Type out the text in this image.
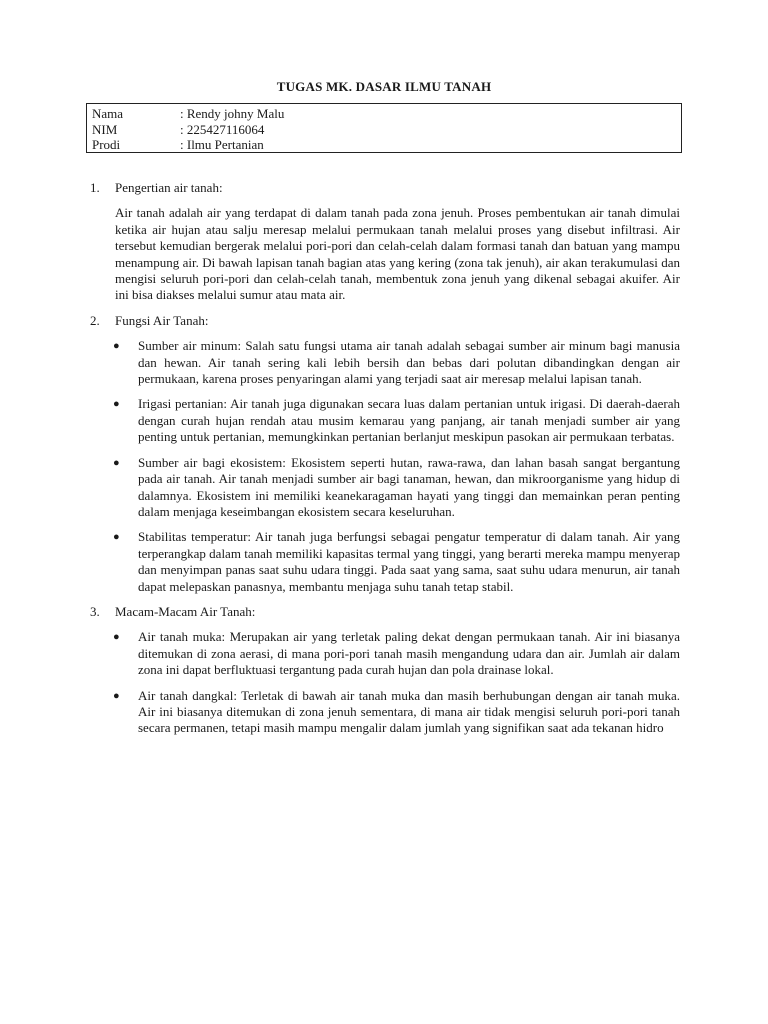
TUGAS MK. DASAR ILMU TANAH
Nama	: Rendy johny Malu
NIM	: 225427116064
Prodi	: Ilmu Pertanian
1.	Pengertian air tanah:
Air tanah adalah air yang terdapat di dalam tanah pada zona jenuh. Proses pembentukan air tanah dimulai ketika air hujan atau salju meresap melalui permukaan tanah melalui proses yang disebut infiltrasi. Air tersebut kemudian bergerak melalui pori-pori dan celah-celah dalam formasi tanah dan batuan yang mampu menampung air. Di bawah lapisan tanah bagian atas yang kering (zona tak jenuh), air akan terakumulasi dan mengisi seluruh pori-pori dan celah-celah tanah, membentuk zona jenuh yang dikenal sebagai akuifer. Air ini bisa diakses melalui sumur atau mata air.
2.	Fungsi Air Tanah:
● Sumber air minum: Salah satu fungsi utama air tanah adalah sebagai sumber air minum bagi manusia dan hewan. Air tanah sering kali lebih bersih dan bebas dari polutan dibandingkan dengan air permukaan, karena proses penyaringan alami yang terjadi saat air meresap melalui lapisan tanah.
● Irigasi pertanian: Air tanah juga digunakan secara luas dalam pertanian untuk irigasi. Di daerah-daerah dengan curah hujan rendah atau musim kemarau yang panjang, air tanah menjadi sumber air yang penting untuk pertanian, memungkinkan pertanian berlanjut meskipun pasokan air permukaan terbatas.
● Sumber air bagi ekosistem: Ekosistem seperti hutan, rawa-rawa, dan lahan basah sangat bergantung pada air tanah. Air tanah menjadi sumber air bagi tanaman, hewan, dan mikroorganisme yang hidup di dalamnya. Ekosistem ini memiliki keanekaragaman hayati yang tinggi dan memainkan peran penting dalam menjaga keseimbangan ekosistem secara keseluruhan.
● Stabilitas temperatur: Air tanah juga berfungsi sebagai pengatur temperatur di dalam tanah. Air yang terperangkap dalam tanah memiliki kapasitas termal yang tinggi, yang berarti mereka mampu menyerap dan menyimpan panas saat suhu udara tinggi. Pada saat yang sama, saat suhu udara menurun, air tanah dapat melepaskan panasnya, membantu menjaga suhu tanah tetap stabil.
3.	Macam-Macam Air Tanah:
● Air tanah muka: Merupakan air yang terletak paling dekat dengan permukaan tanah. Air ini biasanya ditemukan di zona aerasi, di mana pori-pori tanah masih mengandung udara dan air. Jumlah air dalam zona ini dapat berfluktuasi tergantung pada curah hujan dan pola drainase lokal.
● Air tanah dangkal: Terletak di bawah air tanah muka dan masih berhubungan dengan air tanah muka. Air ini biasanya ditemukan di zona jenuh sementara, di mana air tidak mengisi seluruh pori-pori tanah secara permanen, tetapi masih mampu mengalir dalam jumlah yang signifikan saat ada tekanan hidro
